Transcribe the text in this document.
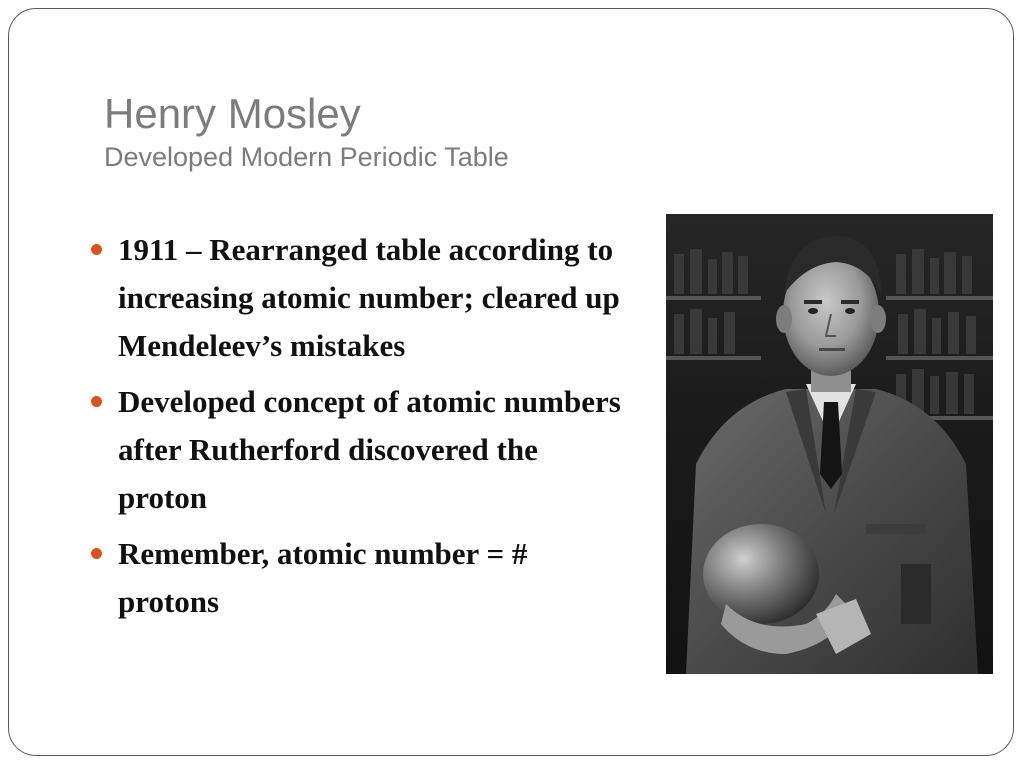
Henry Mosley
Developed Modern Periodic Table
1911 – Rearranged table according to increasing atomic number; cleared up Mendeleev’s mistakes
Developed concept of atomic numbers after Rutherford discovered the proton
Remember, atomic number = # protons
